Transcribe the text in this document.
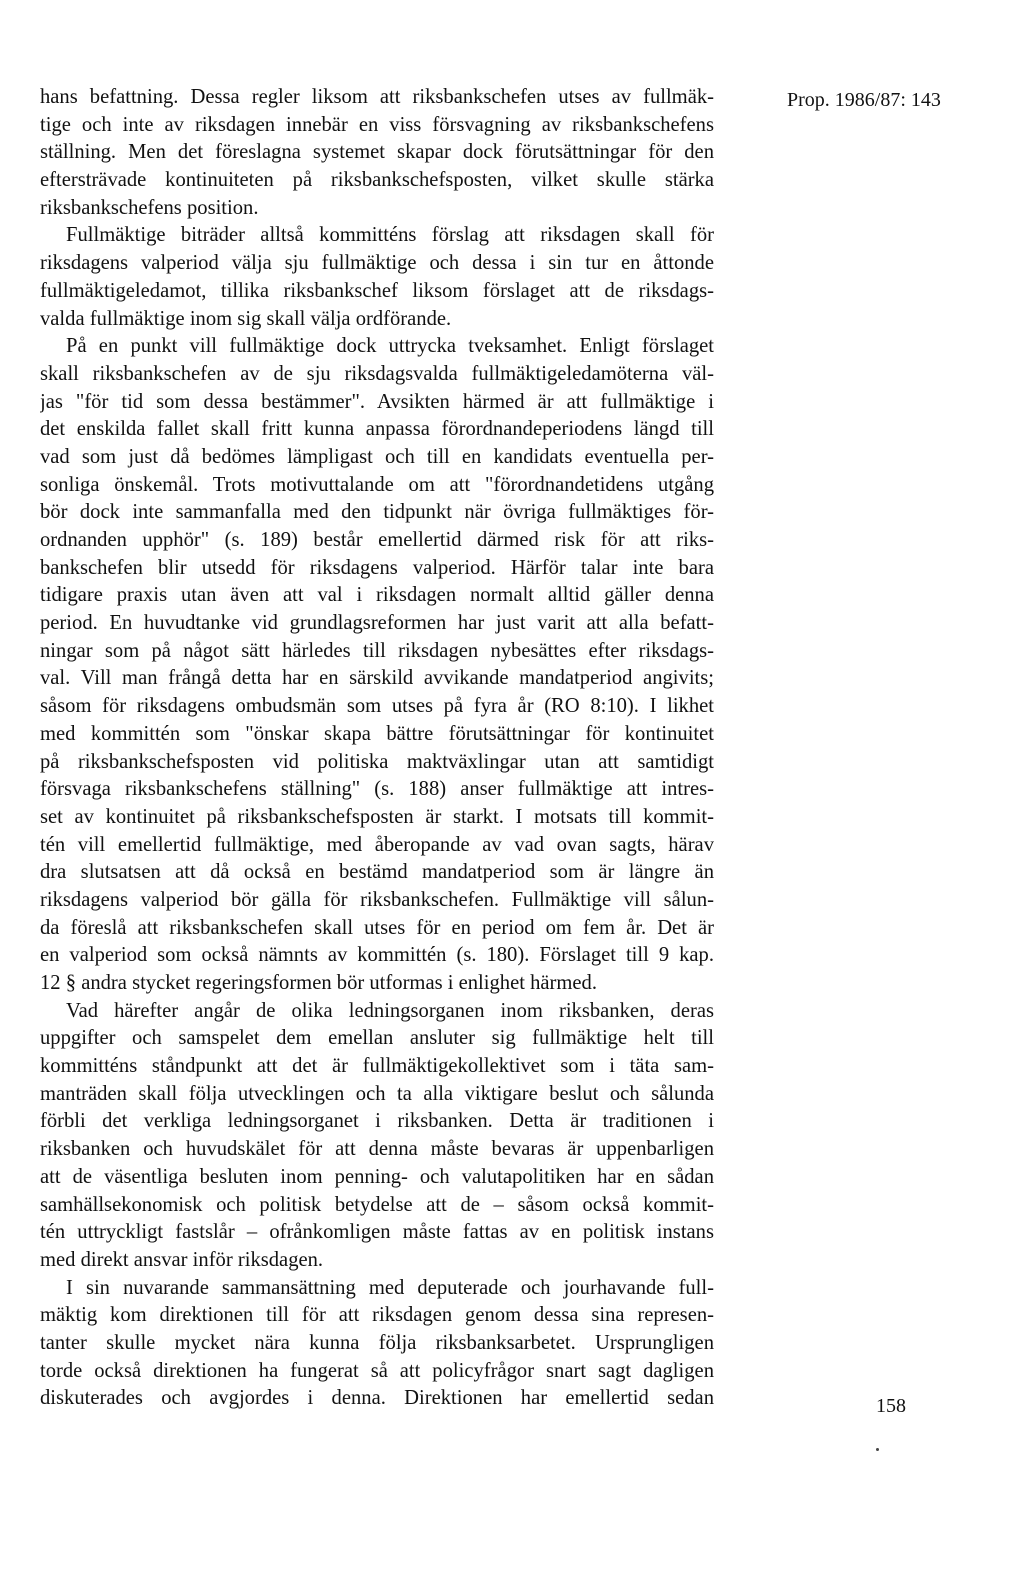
Prop. 1986/87: 143
hans befattning. Dessa regler liksom att riksbankschefen utses av fullmäk-
tige och inte av riksdagen innebär en viss försvagning av riksbankschefens
ställning. Men det föreslagna systemet skapar dock förutsättningar för den
eftersträvade kontinuiteten på riksbankschefsposten, vilket skulle stärka
riksbankschefens position.
Fullmäktige biträder alltså kommitténs förslag att riksdagen skall för
riksdagens valperiod välja sju fullmäktige och dessa i sin tur en åttonde
fullmäktigeledamot, tillika riksbankschef liksom förslaget att de riksdags-
valda fullmäktige inom sig skall välja ordförande.
På en punkt vill fullmäktige dock uttrycka tveksamhet. Enligt förslaget
skall riksbankschefen av de sju riksdagsvalda fullmäktigeledamöterna väl-
jas "för tid som dessa bestämmer". Avsikten härmed är att fullmäktige i
det enskilda fallet skall fritt kunna anpassa förordnandeperiodens längd till
vad som just då bedömes lämpligast och till en kandidats eventuella per-
sonliga önskemål. Trots motivuttalande om att "förordnandetidens utgång
bör dock inte sammanfalla med den tidpunkt när övriga fullmäktiges för-
ordnanden upphör" (s. 189) består emellertid därmed risk för att riks-
bankschefen blir utsedd för riksdagens valperiod. Härför talar inte bara
tidigare praxis utan även att val i riksdagen normalt alltid gäller denna
period. En huvudtanke vid grundlagsreformen har just varit att alla befatt-
ningar som på något sätt härledes till riksdagen nybesättes efter riksdags-
val. Vill man frångå detta har en särskild avvikande mandatperiod angivits;
såsom för riksdagens ombudsmän som utses på fyra år (RO 8:10). I likhet
med kommittén som "önskar skapa bättre förutsättningar för kontinuitet
på riksbankschefsposten vid politiska maktväxlingar utan att samtidigt
försvaga riksbankschefens ställning" (s. 188) anser fullmäktige att intres-
set av kontinuitet på riksbankschefsposten är starkt. I motsats till kommit-
tén vill emellertid fullmäktige, med åberopande av vad ovan sagts, härav
dra slutsatsen att då också en bestämd mandatperiod som är längre än
riksdagens valperiod bör gälla för riksbankschefen. Fullmäktige vill sålun-
da föreslå att riksbankschefen skall utses för en period om fem år. Det är
en valperiod som också nämnts av kommittén (s. 180). Förslaget till 9 kap.
12 § andra stycket regeringsformen bör utformas i enlighet härmed.
Vad härefter angår de olika ledningsorganen inom riksbanken, deras
uppgifter och samspelet dem emellan ansluter sig fullmäktige helt till
kommitténs ståndpunkt att det är fullmäktigekollektivet som i täta sam-
manträden skall följa utvecklingen och ta alla viktigare beslut och sålunda
förbli det verkliga ledningsorganet i riksbanken. Detta är traditionen i
riksbanken och huvudskälet för att denna måste bevaras är uppenbarligen
att de väsentliga besluten inom penning- och valutapolitiken har en sådan
samhällsekonomisk och politisk betydelse att de – såsom också kommit-
tén uttryckligt fastslår – ofrånkomligen måste fattas av en politisk instans
med direkt ansvar inför riksdagen.
I sin nuvarande sammansättning med deputerade och jourhavande full-
mäktig kom direktionen till för att riksdagen genom dessa sina represen-
tanter skulle mycket nära kunna följa riksbanksarbetet. Ursprungligen
torde också direktionen ha fungerat så att policyfrågor snart sagt dagligen
diskuterades och avgjordes i denna. Direktionen har emellertid sedan	158
